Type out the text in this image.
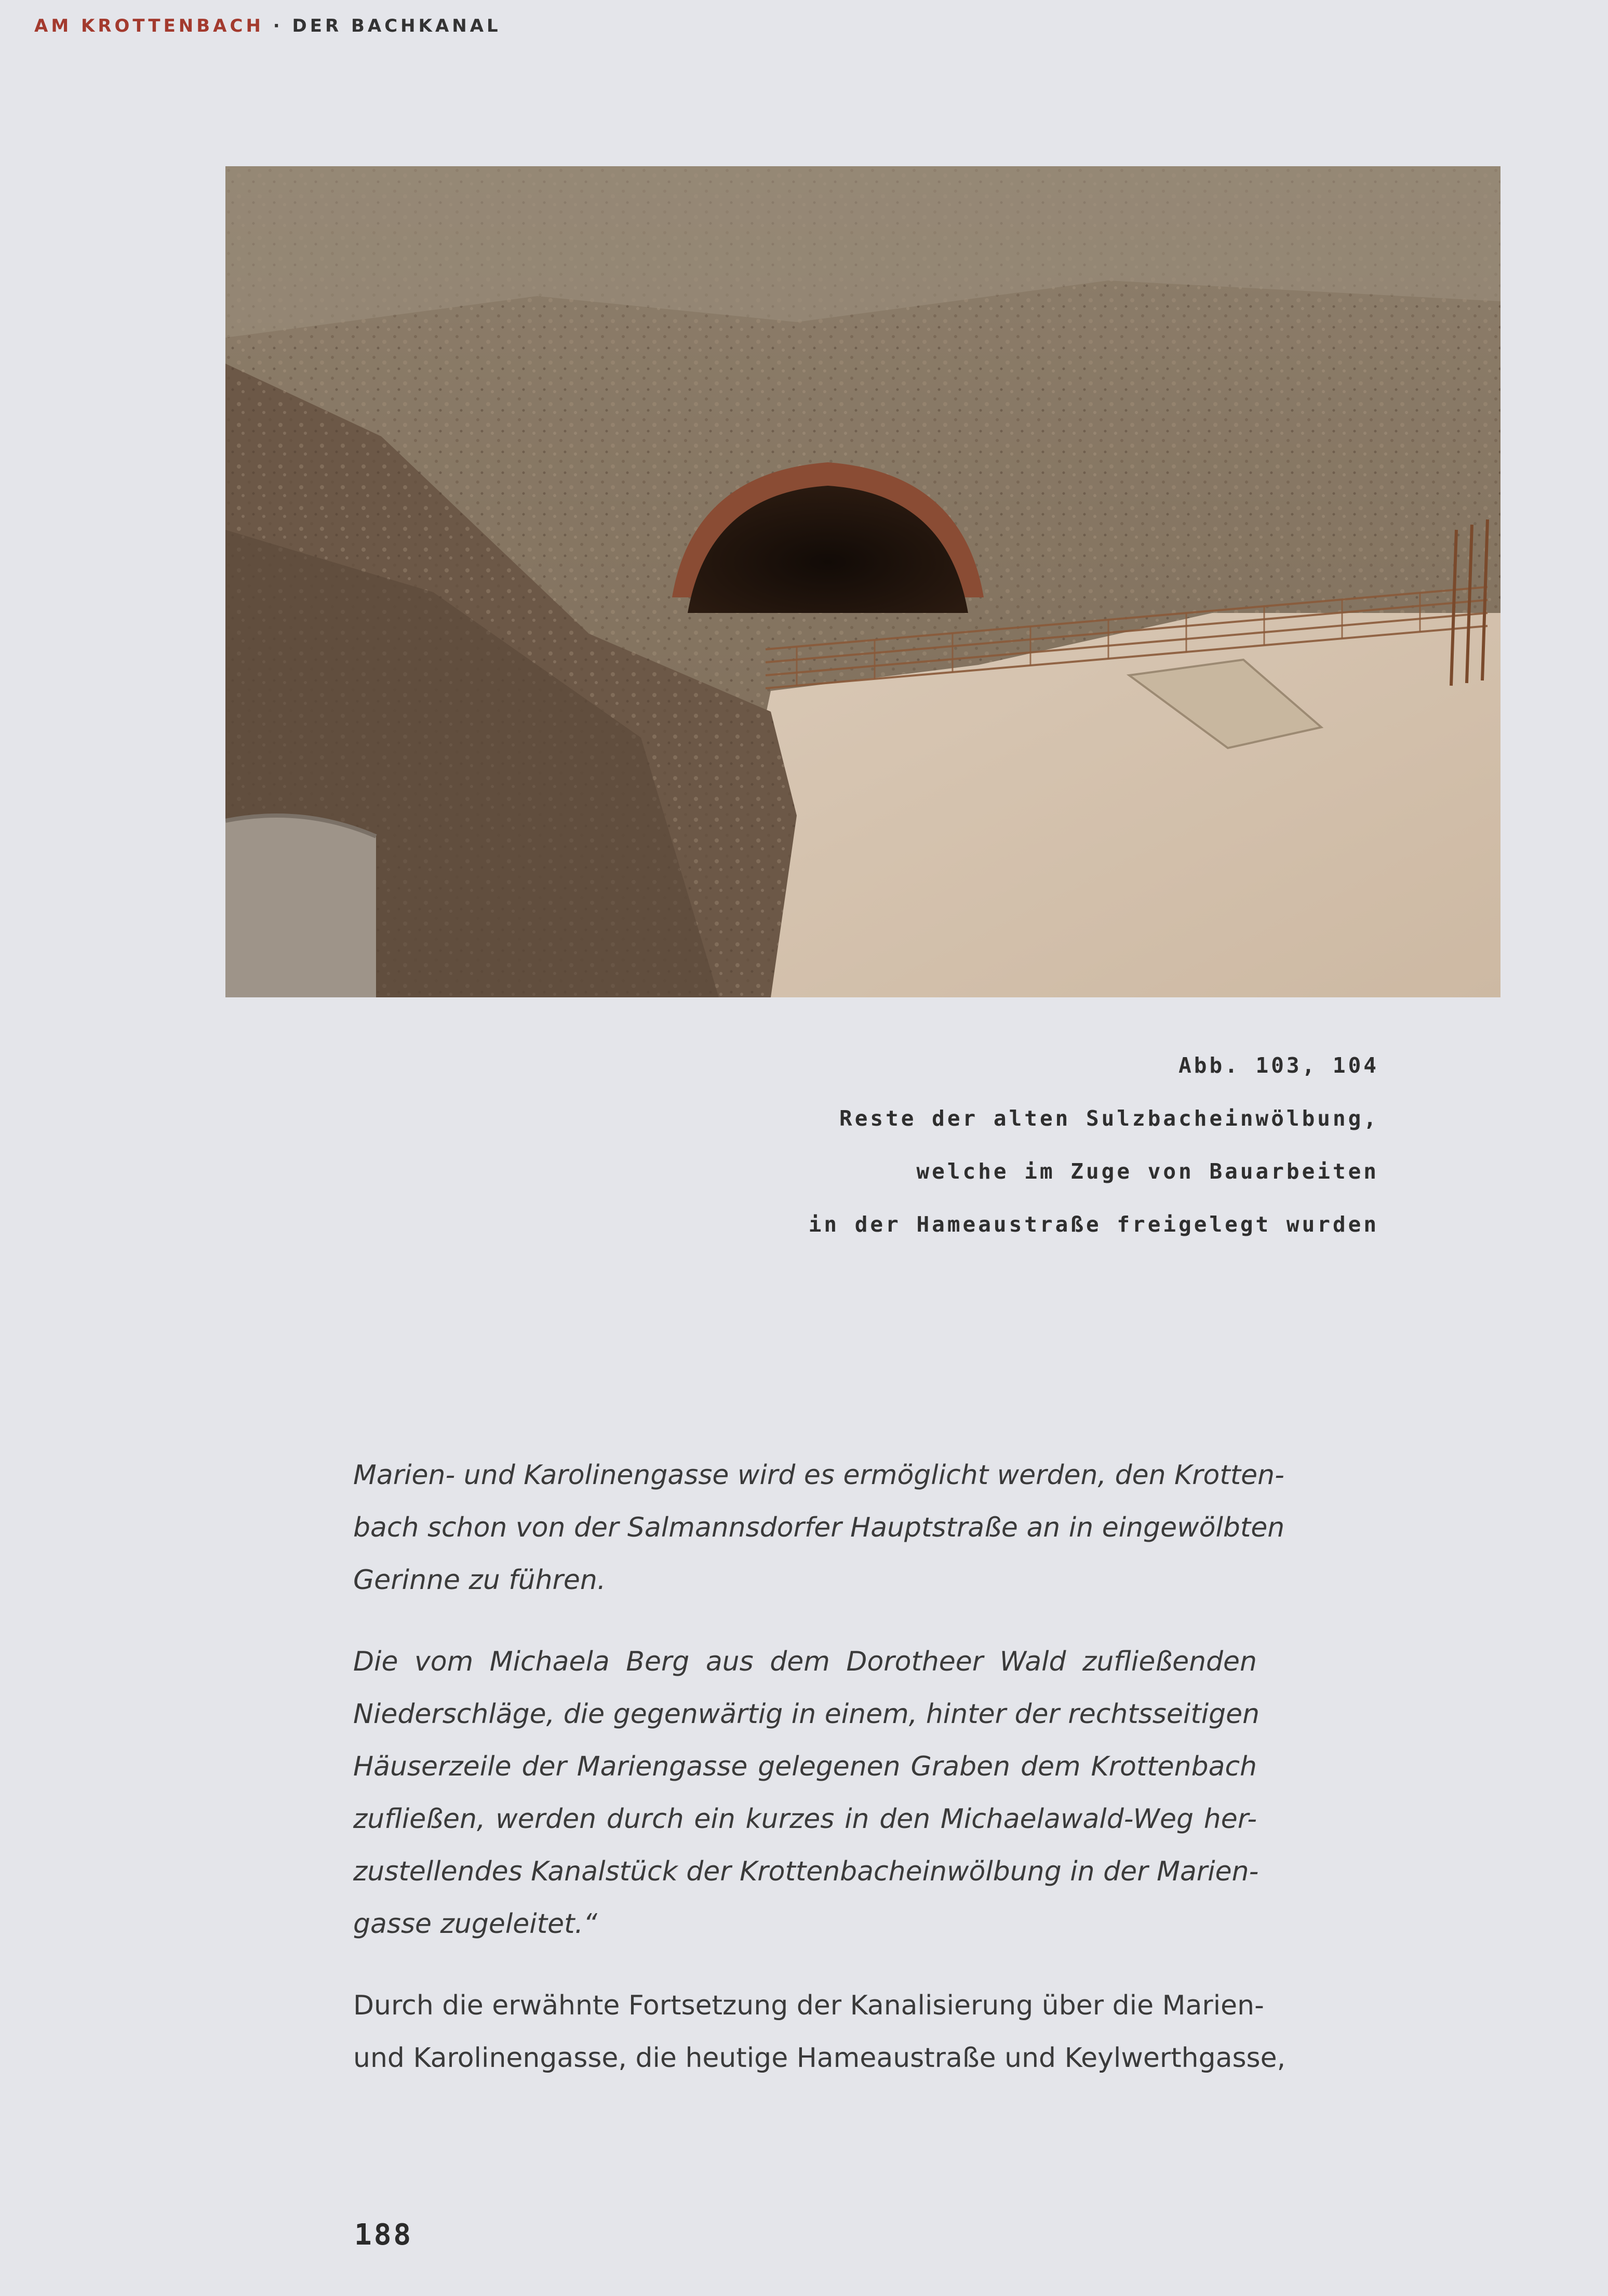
AM KROTTENBACH · DER BACHKANAL
Abb. 103, 104
Reste der alten Sulzbacheinwölbung,
welche im Zuge von Bauarbeiten
in der Hameaustraße freigelegt wurden

Marien- und Karolinengasse wird es ermöglicht werden, den Krotten-
bach schon von der Salmannsdorfer Hauptstraße an in eingewölbten
Gerinne zu führen.

Die vom Michaela Berg aus dem Dorotheer Wald zufließenden
Niederschläge, die gegenwärtig in einem, hinter der rechtsseitigen
Häuserzeile der Mariengasse gelegenen Graben dem Krottenbach
zufließen, werden durch ein kurzes in den Michaelawald-Weg her-
zustellendes Kanalstück der Krottenbacheinwölbung in der Marien-
gasse zugeleitet.“

Durch die erwähnte Fortsetzung der Kanalisierung über die Marien-
und Karolinengasse, die heutige Hameaustraße und Keylwerthgasse,

188
